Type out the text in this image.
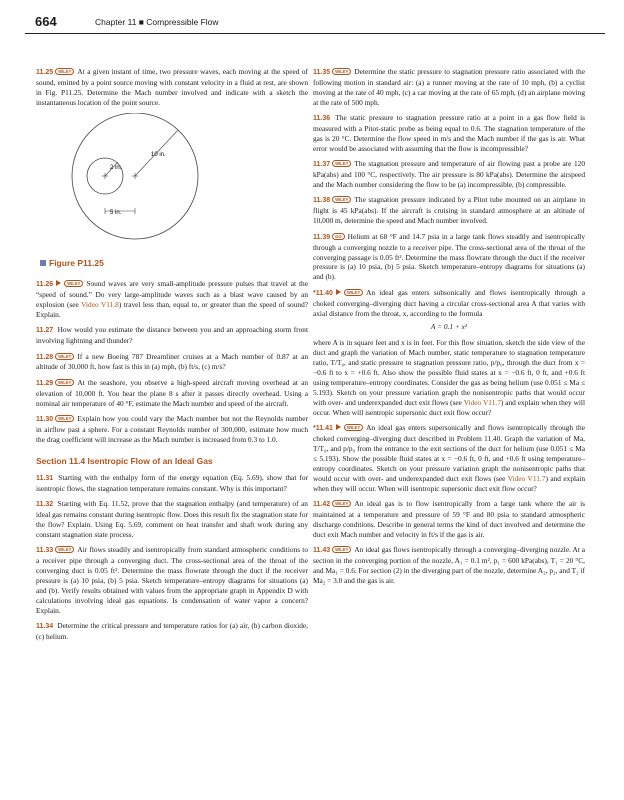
664	Chapter 11 ■ Compressible Flow

11.25 WILEY At a given instant of time, two pressure waves, each moving at the speed of sound, emitted by a point source moving with constant velocity in a fluid at rest, are shown in Fig. P11.25. Determine the Mach number involved and indicate with a sketch the instantaneous location of the point source.

10 in.
2 in.
5 in.
Figure P11.25

11.26	WILEY Sound waves are very small-amplitude pressure pulses that travel at the “speed of sound.” Do very large-amplitude waves such as a blast wave caused by an explosion (see Video V11.8) travel less than, equal to, or greater than the speed of sound? Explain.

11.27 How would you estimate the distance between you and an approaching storm front involving lightning and thunder?

11.28 WILEY If a new Boeing 787 Dreamliner cruises at a Mach number of 0.87 at an altitude of 30,000 ft, how fast is this in (a) mph, (b) ft/s, (c) m/s?

11.29 WILEY At the seashore, you observe a high-speed aircraft moving overhead at an elevation of 10,000 ft. You hear the plane 8 s after it passes directly overhead. Using a nominal air temperature of 40 °F, estimate the Mach number and speed of the aircraft.

11.30 WILEY Explain how you could vary the Mach number but not the Reynolds number in airflow past a sphere. For a constant Reynolds number of 300,000, estimate how much the drag coefficient will increase as the Mach number is increased from 0.3 to 1.0.

Section 11.4 Isentropic Flow of an Ideal Gas

11.31 Starting with the enthalpy form of the energy equation (Eq. 5.69), show that for isentropic flows, the stagnation temperature remains constant. Why is this important?

11.32 Starting with Eq. 11.52, prove that the stagnation enthalpy (and temperature) of an ideal gas remains constant during isentropic flow. Does this result fix the stagnation state for the flow? Explain. Using Eq. 5.69, comment on heat transfer and shaft work during any constant stagnation state process.

11.33 WILEY Air flows steadily and isentropically from standard atmospheric conditions to a receiver pipe through a converging duct. The cross-sectional area of the throat of the converging duct is 0.05 ft². Determine the mass flowrate through the duct if the receiver pressure is (a) 10 psia, (b) 5 psia. Sketch temperature–entropy diagrams for situations (a) and (b). Verify results obtained with values from the appropriate graph in Appendix D with calculations involving ideal gas equations. Is condensation of water vapor a concern? Explain.

11.34 Determine the critical pressure and temperature ratios for (a) air, (b) carbon dioxide, (c) helium.

11.35 WILEY Determine the static pressure to stagnation pressure ratio associated with the following motion in standard air: (a) a runner moving at the rate of 10 mph, (b) a cyclist moving at the rate of 40 mph, (c) a car moving at the rate of 65 mph, (d) an airplane moving at the rate of 500 mph.

11.36 The static pressure to stagnation pressure ratio at a point in a gas flow field is measured with a Pitot-static probe as being equal to 0.6. The stagnation temperature of the gas is 20 °C. Determine the flow speed in m/s and the Mach number if the gas is air. What error would be associated with assuming that the flow is incompressible?

11.37 WILEY The stagnation pressure and temperature of air flowing past a probe are 120 kPa(abs) and 100 °C, respectively. The air pressure is 80 kPa(abs). Determine the airspeed and the Mach number considering the flow to be (a) incompressible, (b) compressible.

11.38 WILEY The stagnation pressure indicated by a Pitot tube mounted on an airplane in flight is 45 kPa(abs). If the aircraft is cruising in standard atmosphere at an altitude of 10,000 m, determine the speed and Mach number involved.

11.39 GO Helium at 68 °F and 14.7 psia in a large tank flows steadily and isentropically through a converging nozzle to a receiver pipe. The cross-sectional area of the throat of the converging passage is 0.05 ft². Determine the mass flowrate through the duct if the receiver pressure is (a) 10 psia, (b) 5 psia. Sketch temperature–entropy diagrams for situations (a) and (b).

*11.40	WILEY An ideal gas enters subsonically and flows isentropically through a choked converging–diverging duct having a circular cross-sectional area A that varies with axial distance from the throat, x, according to the formula

A = 0.1 + x²

where A is in square feet and x is in feet. For this flow situation, sketch the side view of the duct and graph the variation of Mach number, static temperature to stagnation temperature ratio, T/T₀, and static pressure to stagnation pressure ratio, p/p₀, through the duct from x = −0.6 ft to x = +0.6 ft. Also show the possible fluid states at x = −0.6 ft, 0 ft, and +0.6 ft using temperature–entropy coordinates. Consider the gas as being helium (use 0.051 ≤ Ma ≤ 5.193). Sketch on your pressure variation graph the nonisentropic paths that would occur with over- and underexpanded duct exit flows (see Video V11.7) and explain when they will occur. When will isentropic supersonic duct exit flow occur?

*11.41	WILEY An ideal gas enters supersonically and flows isentropically through the choked converging–diverging duct described in Problem 11.40. Graph the variation of Ma, T/T₀, and p/p₀ from the entrance to the exit sections of the duct for helium (use 0.051 ≤ Ma ≤ 5.193). Show the possible fluid states at x = −0.6 ft, 0 ft, and +0.6 ft using temperature–entropy coordinates. Sketch on your pressure variation graph the nonisentropic paths that would occur with over- and underexpanded duct exit flows (see Video V11.7) and explain when they will occur. When will isentropic supersonic duct exit flow occur?

11.42 WILEY An ideal gas is to flow isentropically from a large tank where the air is maintained at a temperature and pressure of 59 °F and 80 psia to standard atmospheric discharge conditions. Describe in general terms the kind of duct involved and determine the duct exit Mach number and velocity in ft/s if the gas is air.

11.43 WILEY An ideal gas flows isentropically through a converging–diverging nozzle. At a section in the converging portion of the nozzle, A₁ = 0.1 m², p₁ = 600 kPa(abs), T₁ = 20 °C, and Ma₁ = 0.6. For section (2) in the diverging part of the nozzle, determine A₂, p₂, and T₂ if Ma₂ = 3.0 and the gas is air.
